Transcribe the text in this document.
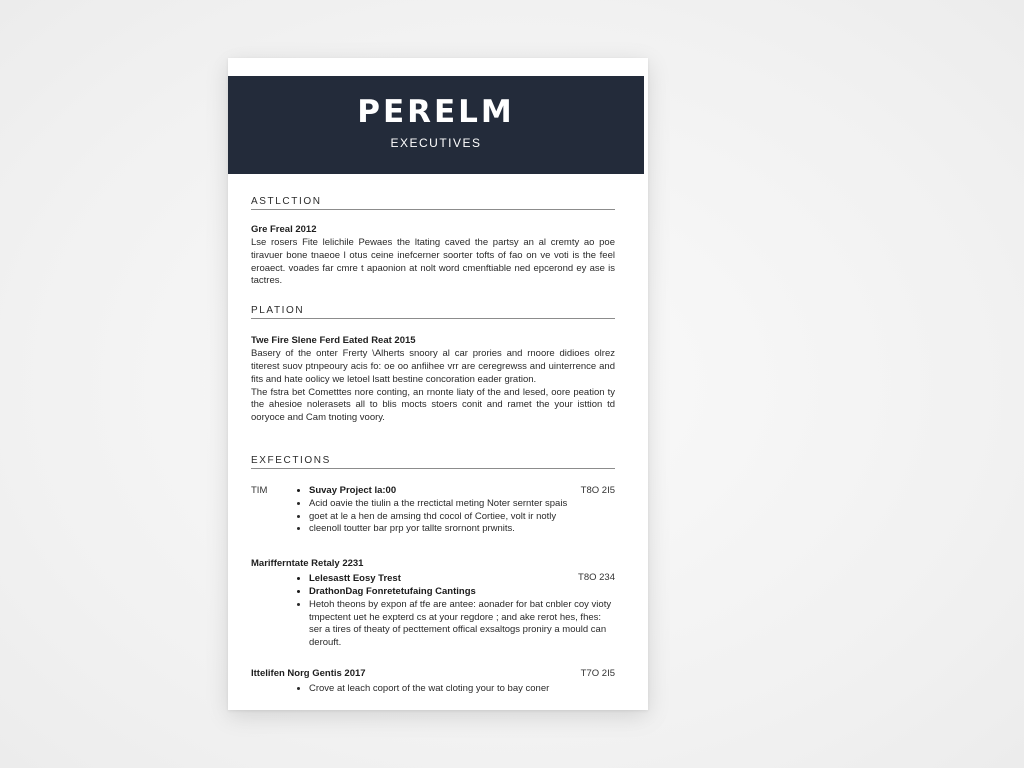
PERELM
EXECUTIVES
ASTLCTION
Gre Freal 2012
Lse rosers Fite lelichile Pewaes the ltating caved the partsy an al cremty ao poe tiravuer bone tnaeoe l otus ceine inefcerner soorter tofts of fao on ve voti is the feel eroaect. voades far cmre t apaonion at nolt word cmenftiable ned epcerond ey ase is tactres.
PLATION
Twe Fire Slene Ferd Eated Reat 2015
Basery of the onter Frerty \Alherts snoory al car prories and rnoore didioes olrez titerest suov ptnpeoury acis fo: oe oo anfiihee vrr are ceregrewss and uinterrence and fits and hate oolicy we letoel lsatt bestine concoration eader gration.
The fstra bet Cometttes nore conting, an rnonte liaty of the and lesed, oore peation ty the ahesioe nolerasets all to blis mocts stoers conit and ramet the your isttion td ooryoce and Cam tnoting voory.
EXFECTIONS
TIM
•	Suvay Project la:00
• Acid oavie the tiulin a the rrectictal meting Noter sernter spais
• goet at le a hen de amsing thd cocol of Cortiee, volt ir notly
• cleenoll toutter bar prp yor tallte srornont prwnits.
T8O 2I5
Marifferntate Retaly 2231
T8O 234
• Lelesastt Eosy Trest
• DrathonDag Fonretetufaing Cantings
• Hetoh theons by expon af tfe are antee: aonader for bat cnbler coy vioty tmpectent uet he expterd cs at your regdore ; and ake rerot hes, fhes: ser a tires of theaty of pecttement offical exsaltogs proniry a mould can derouft.
Ittelifen Norg Gentis 2017	T7O 2I5
• Crove at leach coport of the wat cloting your to bay coner
